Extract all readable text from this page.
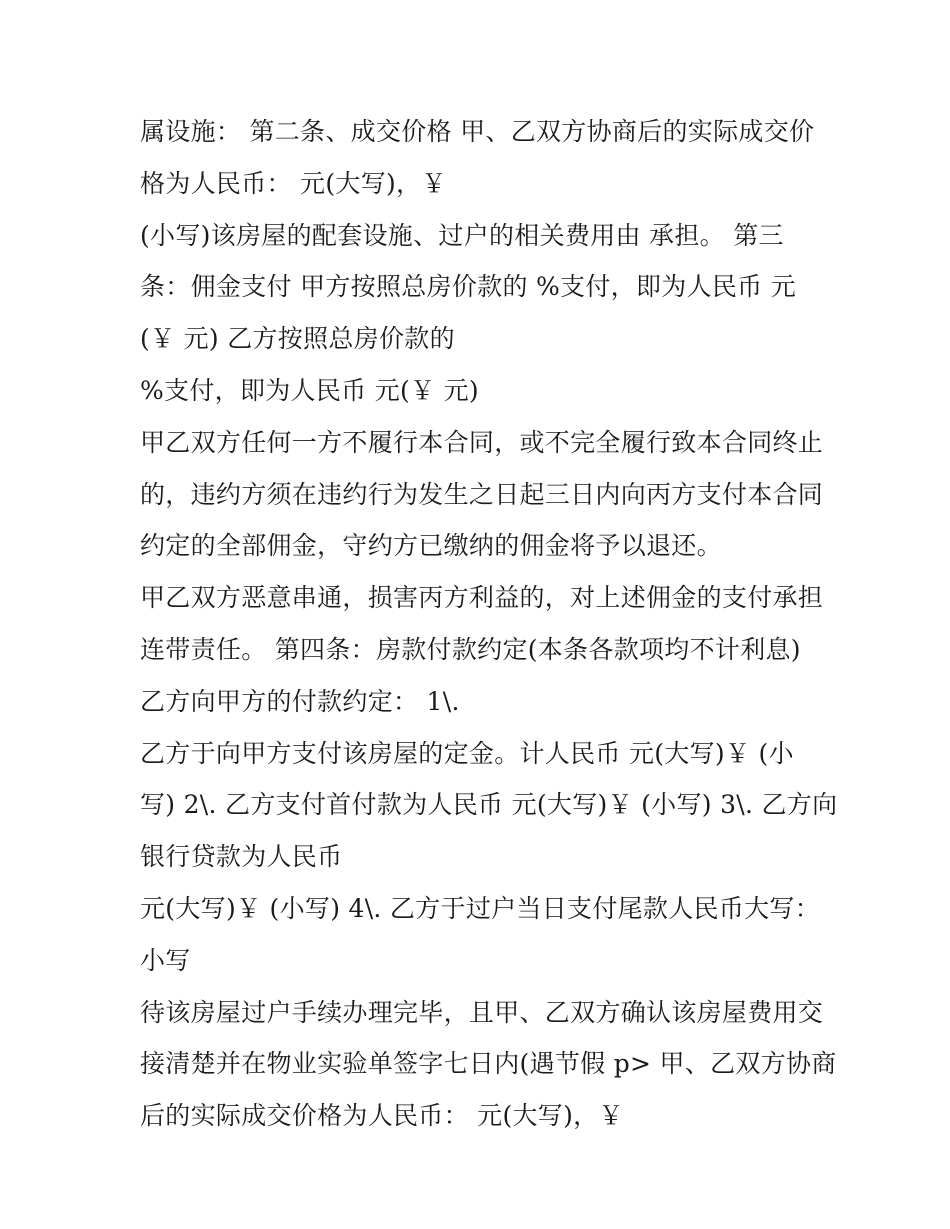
属设施： 第二条、成交价格 甲、乙双方协商后的实际成交价
格为人民币： 元(大写)，￥
(小写)该房屋的配套设施、过户的相关费用由 承担。 第三
条：佣金支付 甲方按照总房价款的 %支付，即为人民币 元
(￥ 元) 乙方按照总房价款的
%支付，即为人民币 元(￥ 元)
甲乙双方任何一方不履行本合同，或不完全履行致本合同终止
的，违约方须在违约行为发生之日起三日内向丙方支付本合同
约定的全部佣金，守约方已缴纳的佣金将予以退还。
甲乙双方恶意串通，损害丙方利益的，对上述佣金的支付承担
连带责任。 第四条：房款付款约定(本条各款项均不计利息)
乙方向甲方的付款约定： 1\.
乙方于向甲方支付该房屋的定金。计人民币 元(大写)￥ (小
写) 2\. 乙方支付首付款为人民币 元(大写)￥ (小写) 3\. 乙方向
银行贷款为人民币
元(大写)￥ (小写) 4\. 乙方于过户当日支付尾款人民币大写：
小写
待该房屋过户手续办理完毕，且甲、乙双方确认该房屋费用交
接清楚并在物业实验单签字七日内(遇节假 p> 甲、乙双方协商
后的实际成交价格为人民币： 元(大写)，￥
